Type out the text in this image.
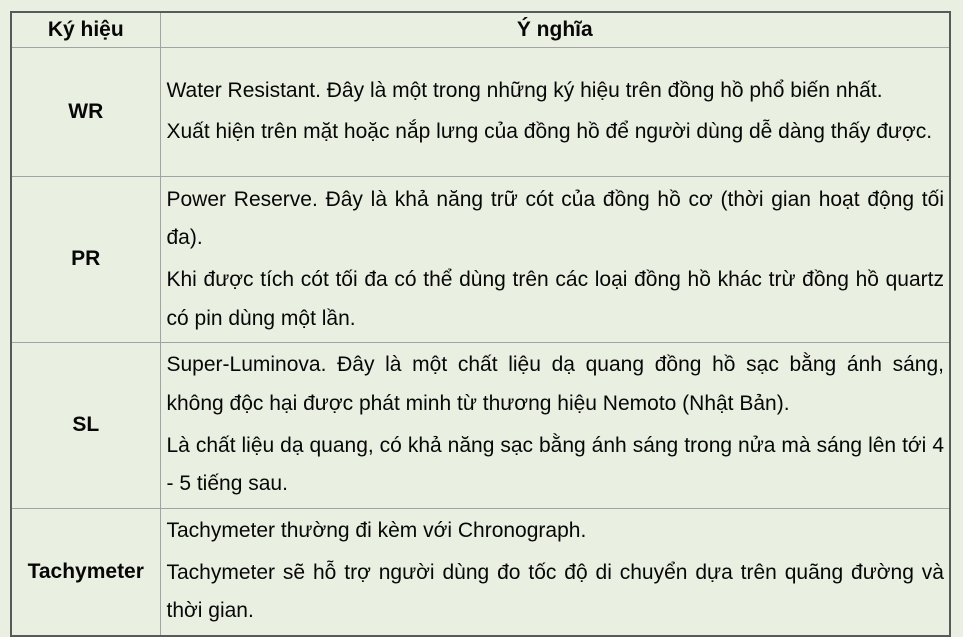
Ký hiệu	Ý nghĩa
WR	Water Resistant. Đây là một trong những ký hiệu trên đồng hồ phổ biến nhất.

Xuất hiện trên mặt hoặc nắp lưng của đồng hồ để người dùng dễ dàng thấy được.

PR	Power Reserve. Đây là khả năng trữ cót của đồng hồ cơ (thời gian hoạt động tối đa).

Khi được tích cót tối đa có thể dùng trên các loại đồng hồ khác trừ đồng hồ quartz có pin dùng một lần.

SL	Super-Luminova. Đây là một chất liệu dạ quang đồng hồ sạc bằng ánh sáng, không độc hại được phát minh từ thương hiệu Nemoto (Nhật Bản).

Là chất liệu dạ quang, có khả năng sạc bằng ánh sáng trong nửa mà sáng lên tới 4 - 5 tiếng sau.

Tachymeter	Tachymeter thường đi kèm với Chronograph.

Tachymeter sẽ hỗ trợ người dùng đo tốc độ di chuyển dựa trên quãng đường và thời gian.
